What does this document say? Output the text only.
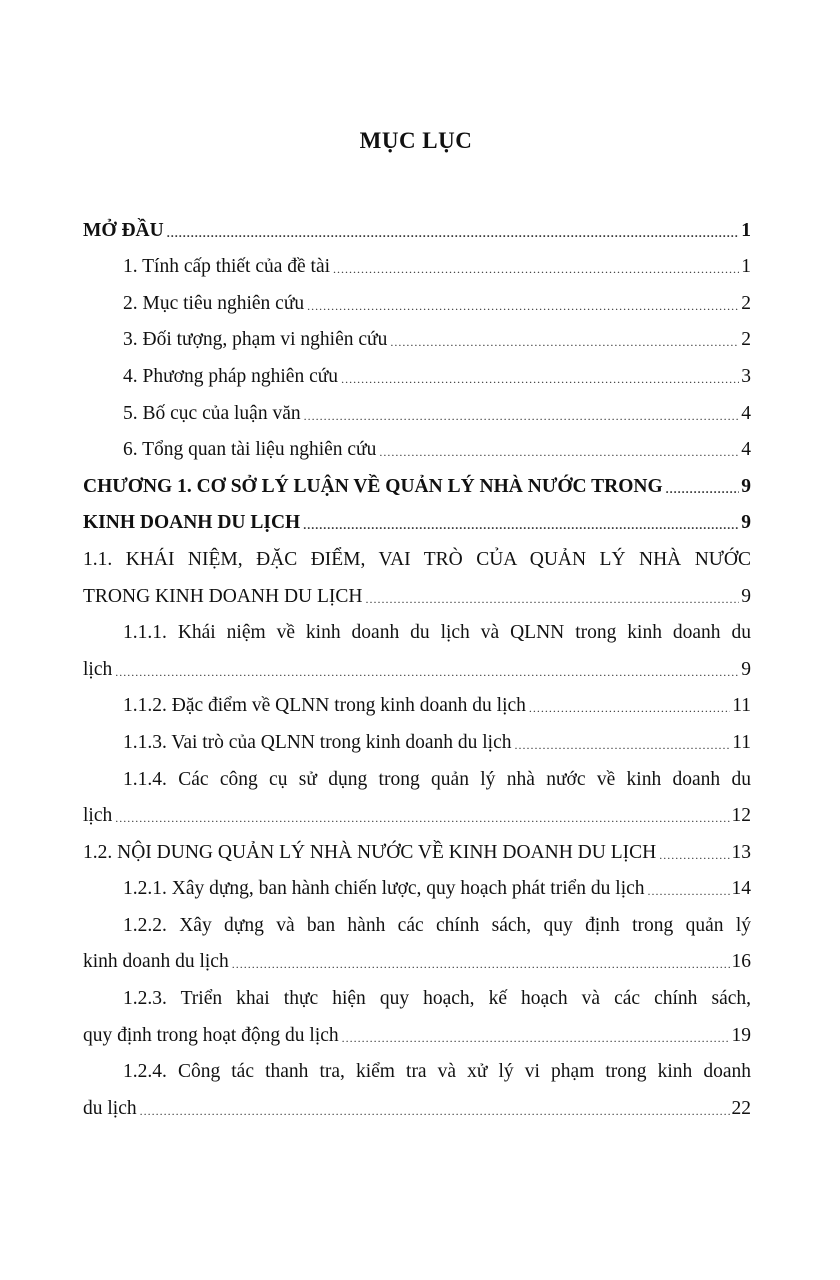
MỤC LỤC
MỞ ĐẦU .....	1
1. Tính cấp thiết của đề tài .....	1
2. Mục tiêu nghiên cứu .....	2
3. Đối tượng, phạm vi nghiên cứu .....	2
4. Phương pháp nghiên cứu .....	3
5. Bố cục của luận văn .....	4
6. Tổng quan tài liệu nghiên cứu .....	4
CHƯƠNG 1. CƠ SỞ LÝ LUẬN VỀ QUẢN LÝ NHÀ NƯỚC TRONG .....	9
KINH DOANH DU LỊCH .....	9
1.1. KHÁI NIỆM, ĐẶC ĐIỂM, VAI TRÒ CỦA QUẢN LÝ NHÀ NƯỚC
TRONG KINH DOANH DU LỊCH .....	9
1.1.1. Khái niệm về kinh doanh du lịch và QLNN trong kinh doanh du
lịch .....	9
1.1.2. Đặc điểm về QLNN trong kinh doanh du lịch .....	11
1.1.3. Vai trò của QLNN trong kinh doanh du lịch .....	11
1.1.4. Các công cụ sử dụng trong quản lý nhà nước về kinh doanh du
lịch .....	12
1.2. NỘI DUNG QUẢN LÝ NHÀ NƯỚC VỀ KINH DOANH DU LỊCH .....	13
1.2.1. Xây dựng, ban hành chiến lược, quy hoạch phát triển du lịch .....	14
1.2.2. Xây dựng và ban hành các chính sách, quy định trong quản lý
kinh doanh du lịch .....	16
1.2.3. Triển khai thực hiện quy hoạch, kế hoạch và các chính sách,
quy định trong hoạt động du lịch .....	19
1.2.4. Công tác thanh tra, kiểm tra và xử lý vi phạm trong kinh doanh
du lịch .....	22
